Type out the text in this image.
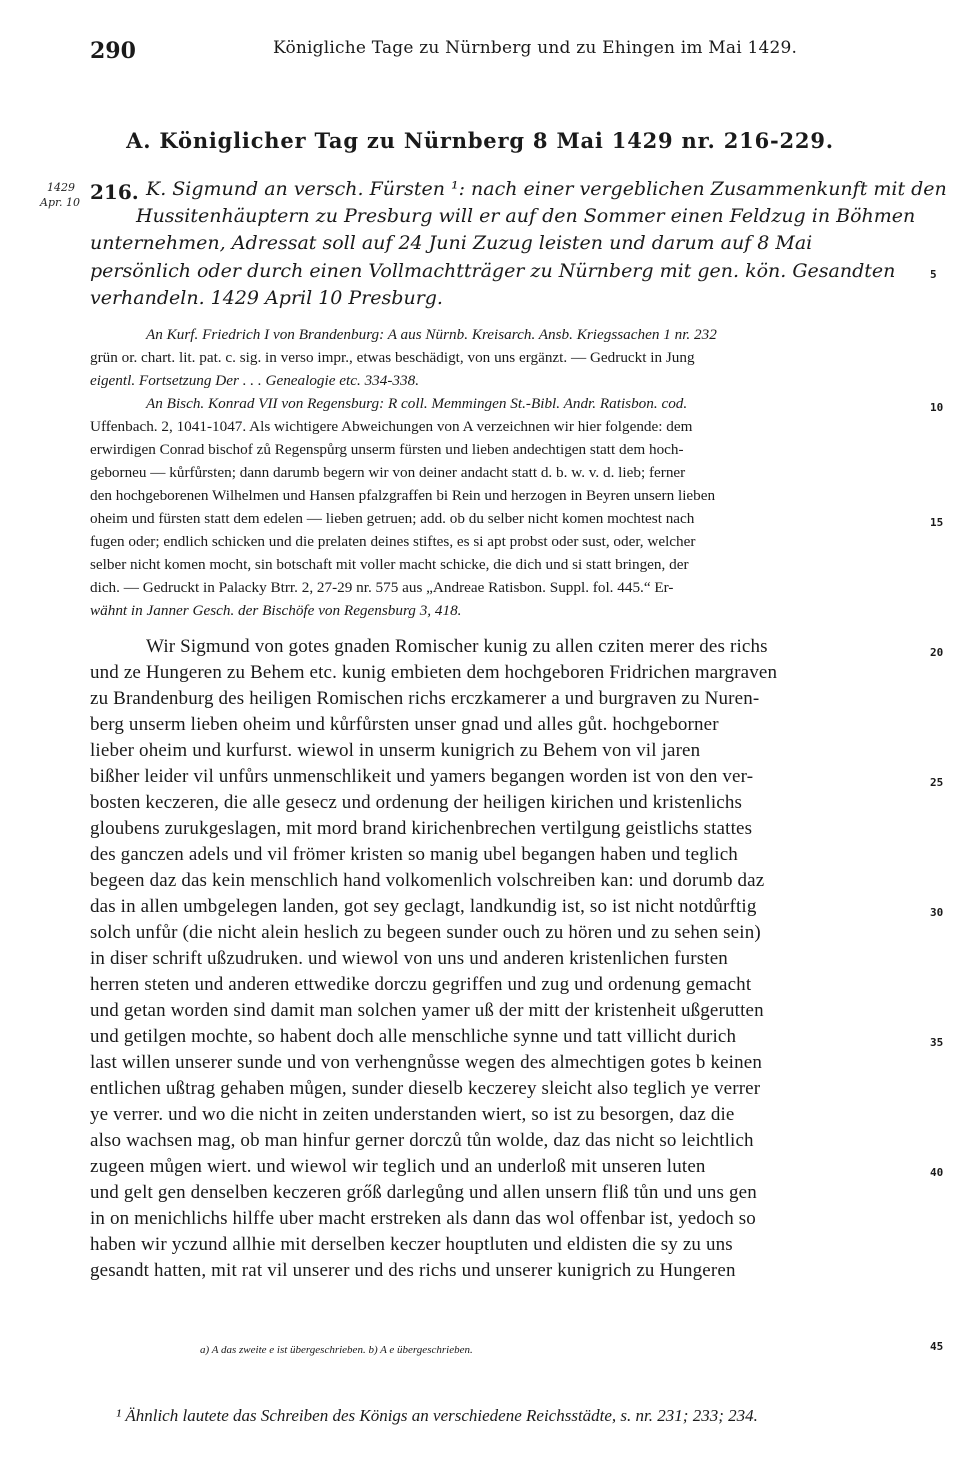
290	Königliche Tage zu Nürnberg und zu Ehingen im Mai 1429.
A. Königlicher Tag zu Nürnberg 8 Mai 1429 nr. 216-229.
1429
Apr. 10 216. K. Sigmund an versch. Fürsten ¹: nach einer vergeblichen Zusammenkunft mit den
Hussitenhäuptern zu Presburg will er auf den Sommer einen Feldzug in Böhmen
unternehmen, Adressat soll auf 24 Juni Zuzug leisten und darum auf 8 Mai
persönlich oder durch einen Vollmachtträger zu Nürnberg mit gen. kön. Gesandten
verhandeln. 1429 April 10 Presburg.
An Kurf. Friedrich I von Brandenburg: A aus Nürnb. Kreisarch. Ansb. Kriegssachen 1 nr. 232
grün or. chart. lit. pat. c. sig. in verso impr., etwas beschädigt, von uns ergänzt. — Gedruckt in Jung
eigentl. Fortsetzung Der . . . Genealogie etc. 334-338.
An Bisch. Konrad VII von Regensburg: R coll. Memmingen St.-Bibl. Andr. Ratisbon. cod.
Uffenbach. 2, 1041-1047. Als wichtigere Abweichungen von A verzeichnen wir hier folgende: dem
erwirdigen Conrad bischof zů Regenspůrg unserm fürsten und lieben andechtigen statt dem hoch-
geborneu — kůrfůrsten; dann darumb begern wir von deiner andacht statt d. b. w. v. d. lieb; ferner
den hochgeborenen Wilhelmen und Hansen pfalzgraffen bi Rein und herzogen in Beyren unsern lieben
oheim und fürsten statt dem edelen — lieben getruen; add. ob du selber nicht komen mochtest nach
fugen oder; endlich schicken und die prelaten deines stiftes, es si apt probst oder sust, oder, welcher
selber nicht komen mocht, sin botschaft mit voller macht schicke, die dich und si statt bringen, der
dich. — Gedruckt in Palacky Btrr. 2, 27-29 nr. 575 aus „Andreae Ratisbon. Suppl. fol. 445.“ Er-
wähnt in Janner Gesch. der Bischöfe von Regensburg 3, 418.
Wir Sigmund von gotes gnaden Romischer kunig zu allen cziten merer des richs
und ze Hungeren zu Behem etc. kunig embieten dem hochgeboren Fridrichen margraven
zu Brandenburg des heiligen Romischen richs erczkamerer a und burgraven zu Nuren-
berg unserm lieben oheim und kůrfůrsten unser gnad und alles gůt. hochgeborner
lieber oheim und kurfurst. wiewol in unserm kunigrich zu Behem von vil jaren
bißher leider vil unfůrs unmenschlikeit und yamers begangen worden ist von den ver-
bosten keczeren, die alle gesecz und ordenung der heiligen kirichen und kristenlichs
gloubens zurukgeslagen, mit mord brand kirichenbrechen vertilgung geistlichs stattes
des ganczen adels und vil frömer kristen so manig ubel begangen haben und teglich
begeen daz das kein menschlich hand volkomenlich volschreiben kan: und dorumb daz
das in allen umbgelegen landen, got sey geclagt, landkundig ist, so ist nicht notdůrftig
solch unfůr (die nicht alein heslich zu begeen sunder ouch zu hören und zu sehen sein)
in diser schrift ußzudruken. und wiewol von uns und anderen kristenlichen fursten
herren steten und anderen ettwedike dorczu gegriffen und zug und ordenung gemacht
und getan worden sind damit man solchen yamer uß der mitt der kristenheit ußgerutten
und getilgen mochte, so habent doch alle menschliche synne und tatt villicht durich
last willen unserer sunde und von verhengnůsse wegen des almechtigen gotes b keinen
entlichen ußtrag gehaben můgen, sunder dieselb keczerey sleicht also teglich ye verrer
ye verrer. und wo die nicht in zeiten understanden wiert, so ist zu besorgen, daz die
also wachsen mag, ob man hinfur gerner dorczů tůn wolde, daz das nicht so leichtlich
zugeen můgen wiert. und wiewol wir teglich und an underloß mit unseren luten
und gelt gen denselben keczeren grőß darlegůng und allen unsern fliß tůn und uns gen
in on menichlichs hilffe uber macht erstreken als dann das wol offenbar ist, yedoch so
haben wir yczund allhie mit derselben keczer houptluten und eldisten die sy zu uns
gesandt hatten, mit rat vil unserer und des richs und unserer kunigrich zu Hungeren
5
10
15
20
25
30
35
40
45
a) A das zweite e ist übergeschrieben. b) A e übergeschrieben.
¹ Ähnlich lautete das Schreiben des Königs an verschiedene Reichsstädte, s. nr. 231; 233; 234.
